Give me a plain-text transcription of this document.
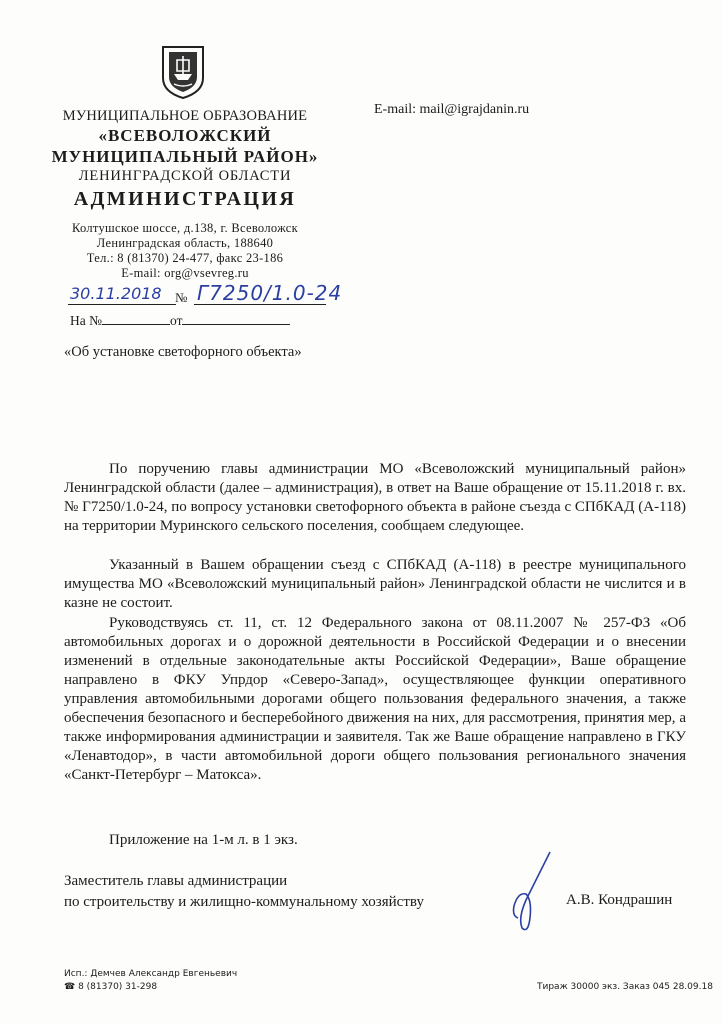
МУНИЦИПАЛЬНОЕ ОБРАЗОВАНИЕ
«ВСЕВОЛОЖСКИЙ
МУНИЦИПАЛЬНЫЙ РАЙОН»
ЛЕНИНГРАДСКОЙ ОБЛАСТИ
АДМИНИСТРАЦИЯ
Колтушское шоссе, д.138, г. Всеволожск
Ленинградская область, 188640
Тел.: 8 (81370) 24-477, факс 23-186
E-mail: org@vsevreg.ru
E-mail: mail@igrajdanin.ru
30.11.2018 № Г7250/1.0-24
На №	от
«Об установке светофорного объекта»

По поручению главы администрации МО «Всеволожский муниципальный район» Ленинградской области (далее – администрация), в ответ на Ваше обращение от 15.11.2018 г. вх. № Г7250/1.0-24, по вопросу установки светофорного объекта в районе съезда с СПбКАД (А-118) на территории Муринского сельского поселения, сообщаем следующее.

Указанный в Вашем обращении съезд с СПбКАД (А-118) в реестре муниципального имущества МО «Всеволожский муниципальный район» Ленинградской области не числится и в казне не состоит.

Руководствуясь ст. 11, ст. 12 Федерального закона от 08.11.2007 № 257-ФЗ «Об автомобильных дорогах и о дорожной деятельности в Российской Федерации и о внесении изменений в отдельные законодательные акты Российской Федерации», Ваше обращение направлено в ФКУ Упрдор «Северо-Запад», осуществляющее функции оперативного управления автомобильными дорогами общего пользования федерального значения, а также обеспечения безопасного и бесперебойного движения на них, для рассмотрения, принятия мер, а также информирования администрации и заявителя. Так же Ваше обращение направлено в ГКУ «Ленавтодор», в части автомобильной дороги общего пользования регионального значения «Санкт-Петербург – Матокса».

Приложение на 1-м л. в 1 экз.
Заместитель главы администрации
по строительству и жилищно-коммунальному хозяйству	А.В. Кондрашин
Исп.: Демчев Александр Евгеньевич
☎ 8 (81370) 31-298	Тираж 30000 экз. Заказ 045 28.09.18
